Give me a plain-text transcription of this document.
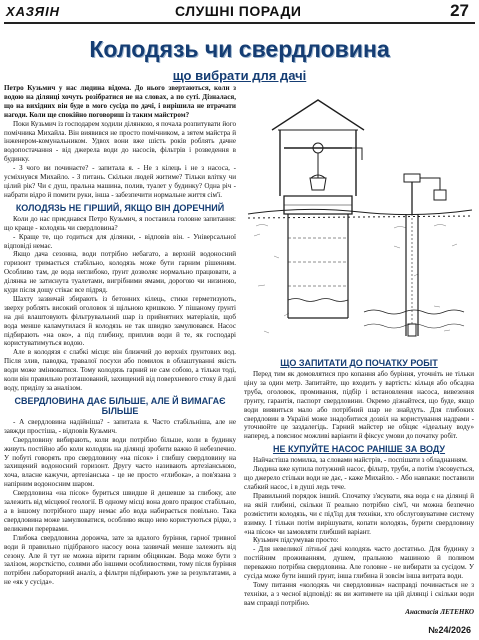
ХАЗЯІН	СЛУШНІ ПОРАДИ	27
Колодязь чи свердловина
що вибрати для дачі

Петро Кузьмич у нас людина відома. До нього звертаються, коли з водою на ділянці хочуть розібратися не на словах, а по суті. Дізналася, що на вихідних він буде в мого сусіда по дачі, і вирішила не втрачати нагоди. Коли ще спокійно поговориш із таким майстром?

Поки Кузьмич із господарем ходили ділянкою, я почала розпитувати його помічника Михайла. Він виявився не просто помічником, а зятем майстра й інженером-комунальником. Удвох вони вже шість років роблять дачне водопостачання - від джерела води до насосів, фільтрів і розведення в будинку.

- З чого ви починаєте? - запитала я. - Не з кілець і не з насоса, - усміхнувся Михайло. - З питань. Скільки людей житиме? Тільки влітку чи цілий рік? Чи є душ, пральна машина, полив, туалет у будинку? Одна річ - набрати відро й помити руки, інша - забезпечити нормальне життя сім'ї.

КОЛОДЯЗЬ НЕ ГІРШИЙ, ЯКЩО ВІН ДОРЕЧНИЙ

Коли до нас приєднався Петро Кузьмич, я поставила головне запитання: що краще - колодязь чи свердловина?

- Краще те, що годиться для ділянки, - відповів він. - Універсальної відповіді немає.

Якщо дача сезонна, води потрібно небагато, а верхній водоносний горизонт тримається стабільно, колодязь може бути гарним рішенням. Особливо там, де вода неглибоко, ґрунт дозволяє нормально працювати, а ділянка не затиснута туалетами, вигрібними ямами, дорогою чи низиною, куди після дощу стікає все підряд.

Шахту зазвичай збирають із бетонних кілець, стики герметизують, зверху роблять високий оголовок зі щільною кришкою. У пішаному ґрунті на дні влаштовують фільтрувальний шар із прийнятних матеріалів, щоб вода менше каламутилася й колодязь не так швидко замулювався. Насос підбирають «на око», а під глибину, приплив води й те, як господарі користуватимуться водою.

Але в колодязя є слабкі місця: він ближчий до верхніх ґрунтових вод. Після злив, паводка, травалої посухи або помилок в облаштуванні якість води може змінюватися. Тому колодязь гарний не сам собою, а тільки тоді, коли він правильно розташований, захищений від поверхневого стоку й далі воду, приділу за аналізом.

СВЕРДЛОВИНА ДАЄ БІЛЬШЕ, АЛЕ Й ВИМАГАЄ БІЛЬШЕ

- А свердловина надійніша? - запитала я. Часто стабільніша, але не завжди простіша, - відповів Кузьмич.

Свердловину вибирають, коли води потрібно більше, коли в будинку живуть постійно або коли колодязь на ділянці зробити важко й небезпечно. У побуті говорять про свердловину «на пісок» і глибшу свердловину на захищений водоносний горизонт. Другу часто називають артезіанською, хоча, власне кажучи, артезіанська - це не просто «глибока», а пов'язана з напірним водоносним шаром.

Свердловина «на пісок» буриться швидше й дешевше за глибоку, але залежить від місцевої геології. В одному місці вона довго працює стабільно, а в іншому потрібного шару немає або вода набирається повільно. Така свердловина може замулюватися, особливо якщо нею користуються рідко, з великими перервами.

Глибока свердловина дорожча, зате за вдалого буріння, гарної тривної води й правильно підібраного насосу вона зазвичай менше залежить від сезону. Але й тут не можна вірити гарним обіцянкам. Вода може бути з залізом, жорсткістю, солями або іншими особливостями, тому після буріння потрібен лабораторний аналіз, а фільтри підбирають уже за результатами, а не «як у сусіда».

ЩО ЗАПИТАТИ ДО ПОЧАТКУ РОБІТ

Перед тим як домовлятися про копання або буріння, уточніть не тільки ціну за один метр. Запитайте, що входить у вартість: кільця або обсадна труба, оголовок, промивання, підбір і встановлення насоса, вивезення ґрунту, гарантія, паспорт свердловини. Окремо дізнайтеся, що буде, якщо води виявиться мало або потрібний шар не знайдуть. Для глибоких свердловин в Україні може знадобитися дозвіл на користування надрами - уточнюйте це заздалегідь. Гарний майстер не обіцяє «ідеальну воду» наперед, а пояснює можливі варіанти й фіксує умови до початку робіт.

НЕ КУПУЙТЕ НАСОС РАНІШЕ ЗА ВОДУ

Найчастіша помилка, за словами майстрів, - поспішати з обладнанням.

Людина вже купила потужний насос, фільтр, труби, а потім з'ясовується, що джерело стільки води не дає, - каже Михайло. - Або навпаки: поставили слабкий насос, і в душі ледь тече.

Правильний порядок інший. Спочатку з'ясувати, яка вода є на ділянці й на якій глибині, скільки її реально потрібно сім'ї, чи можна безпечно розмістити колодязь, чи є під'їзд для техніки, хто обслуговуватиме систему взимку. І тільки потім вирішувати, копати колодязь, бурити свердловину «на пісок» чи замовляти глибший варіант.

Кузьмич підсумував просто:

- Для невеликої літньої дачі колодязь часто достатньо. Для будинку з постійним проживанням, душем, пральною машиною й поливом переважно потрібна свердловина. Але головне - не вибирати за сусідом. У сусіда може бути інший ґрунт, інша глибина й зовсім інша витрата води.

Тому питання «колодязь чи свердловина» насправді починається не з техніки, а з чесної відповіді: як ви житимете на цій ділянці і скільки води вам справді потрібно.

Анастасія ЛЕТЕНКО

№24/2026
